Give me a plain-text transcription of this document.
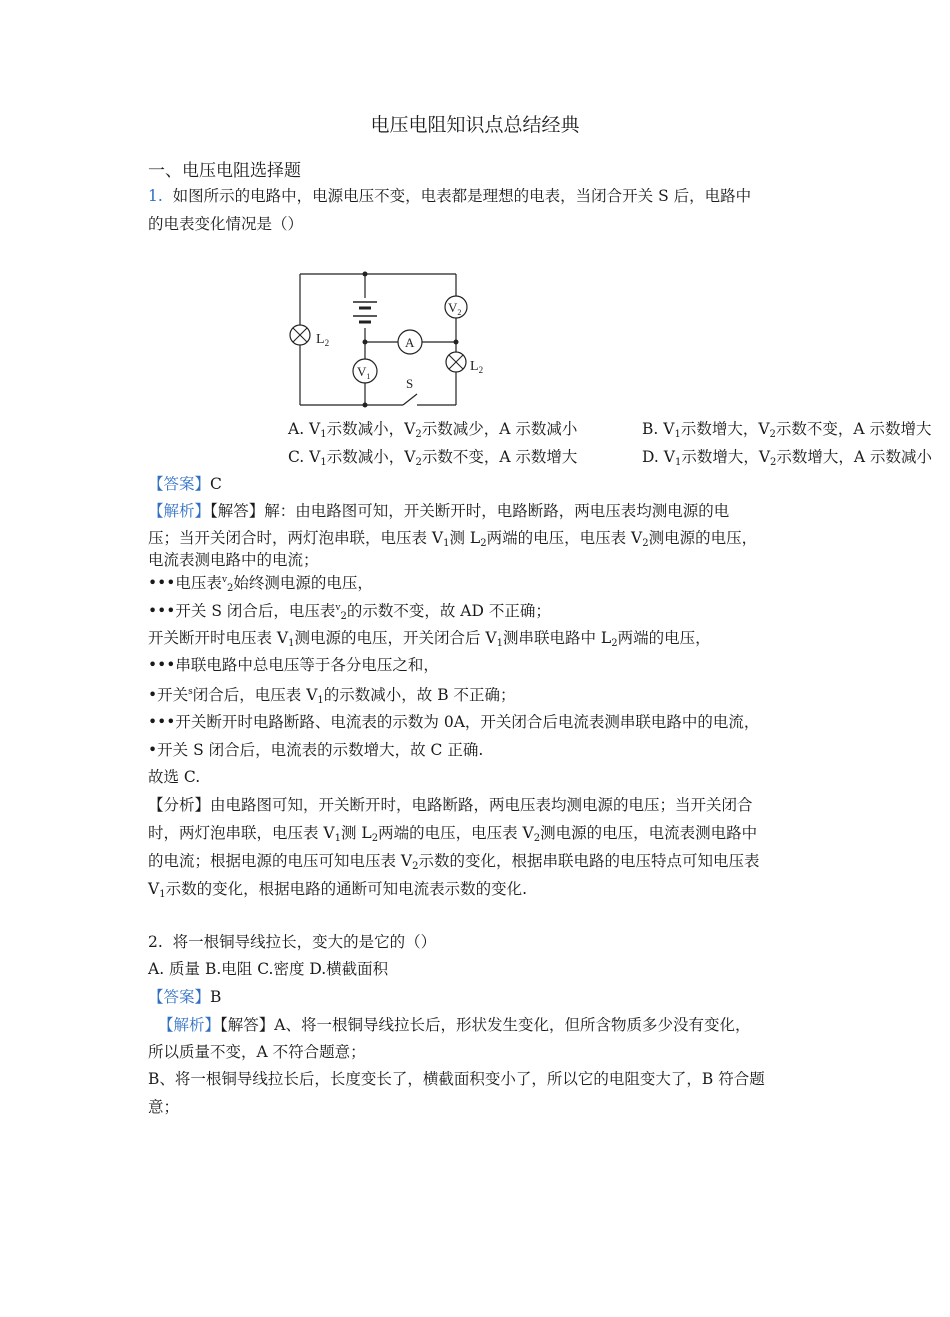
电压电阻知识点总结经典
一、电压电阻选择题
1. 如图所示的电路中，电源电压不变，电表都是理想的电表，当闭合开关 S 后，电路中
的电表变化情况是（）
$L_2$
$L_2$
$V_2$
$V_1$
A
S
A. $V_1$示数减小，$V_2$示数减少，A 示数减小	B. $V_1$示数增大，$V_2$示数不变，A 示数增大
C. $V_1$示数减小，$V_2$示数不变，A 示数增大	D. $V_1$示数增大，$V_2$示数增大，A 示数减小
【答案】C
【解析】【解答】解：由电路图可知，开关断开时，电路断路，两电压表均测电源的电
压；当开关闭合时，两灯泡串联，电压表 $V_1$测 $L_2$两端的电压，电压表 $V_2$测电源的电压，
电流表测电路中的电流；
•••电压表$^v_2$始终测电源的电压，
•••开关 S 闭合后，电压表$^v_2$的示数不变，故 AD 不正确；
开关断开时电压表 $V_1$测电源的电压，开关闭合后 $V_1$测串联电路中 $L_2$两端的电压，
•••串联电路中总电压等于各分电压之和，
•开关$^s$闭合后，电压表 $V_1$的示数减小，故 B 不正确；
•••开关断开时电路断路、电流表的示数为 0A，开关闭合后电流表测串联电路中的电流，
•开关 S 闭合后，电流表的示数增大，故 C 正确.
故选 C.
【分析】由电路图可知，开关断开时，电路断路，两电压表均测电源的电压；当开关闭合
时，两灯泡串联，电压表 $V_1$测 $L_2$两端的电压，电压表 $V_2$测电源的电压，电流表测电路中
的电流；根据电源的电压可知电压表 $V_2$示数的变化，根据串联电路的电压特点可知电压表
$V_1$示数的变化，根据电路的通断可知电流表示数的变化.
2. 将一根铜导线拉长，变大的是它的（）
A. 质量 B.电阻 C.密度 D.横截面积
【答案】B
【解析】【解答】A、将一根铜导线拉长后，形状发生变化，但所含物质多少没有变化，
所以质量不变，A 不符合题意；
B、将一根铜导线拉长后，长度变长了，横截面积变小了，所以它的电阻变大了，B 符合题
意；
